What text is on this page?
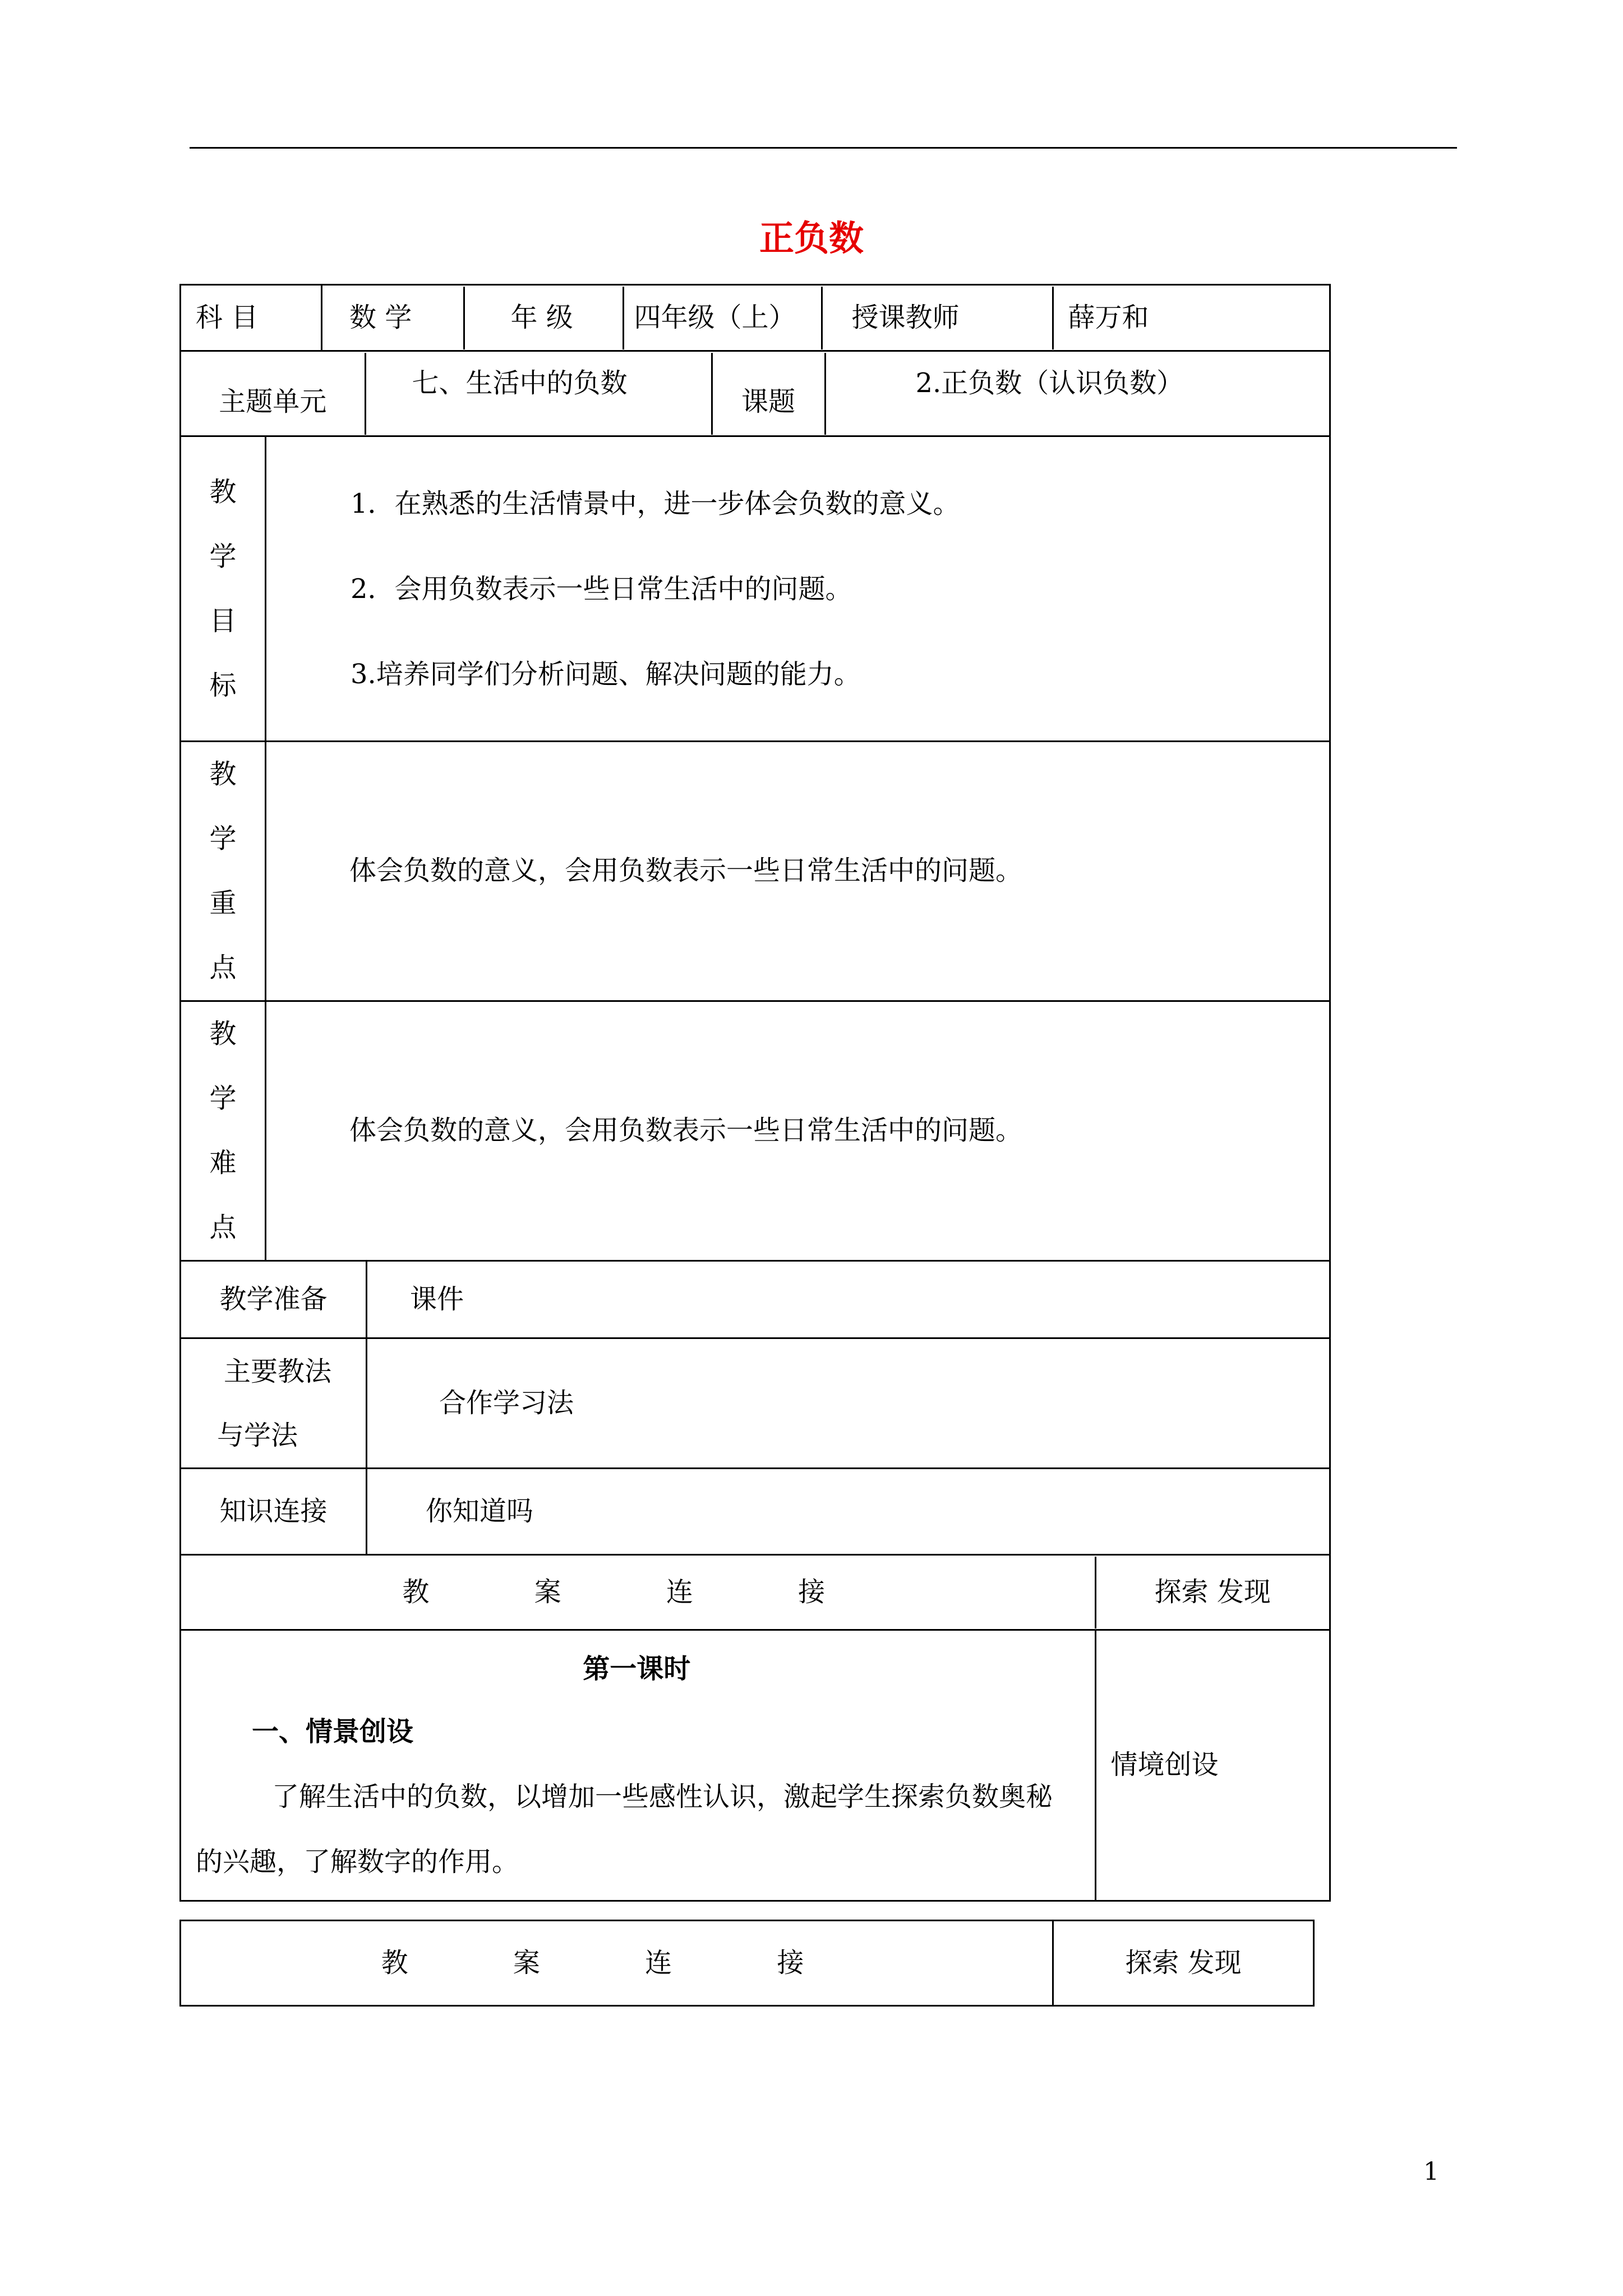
正负数
科 目		数 学	年 级	四年级（上）	授课教师	薛万和

主题单元	七、生活中的负数	课题	2.正负数（认识负数）

教
学
目
标

1．在熟悉的生活情景中，进一步体会负数的意义。

2．会用负数表示一些日常生活中的问题。

3.培养同学们分析问题、解决问题的能力。

教
学
重
点
	体会负数的意义，会用负数表示一些日常生活中的问题。

教
学
难
点
	体会负数的意义，会用负数表示一些日常生活中的问题。
教学准备	课件

主要教法
与学法
	合作学习法
知识连接	你知道吗

教 案 连 接	探索 发现

第一课时
一、情景创设
了解生活中的负数，以增加一些感性认识，激起学生探索负数奥秘的兴趣，了解数字的作用。
	情境创设
教 案 连 接	探索 发现
1
